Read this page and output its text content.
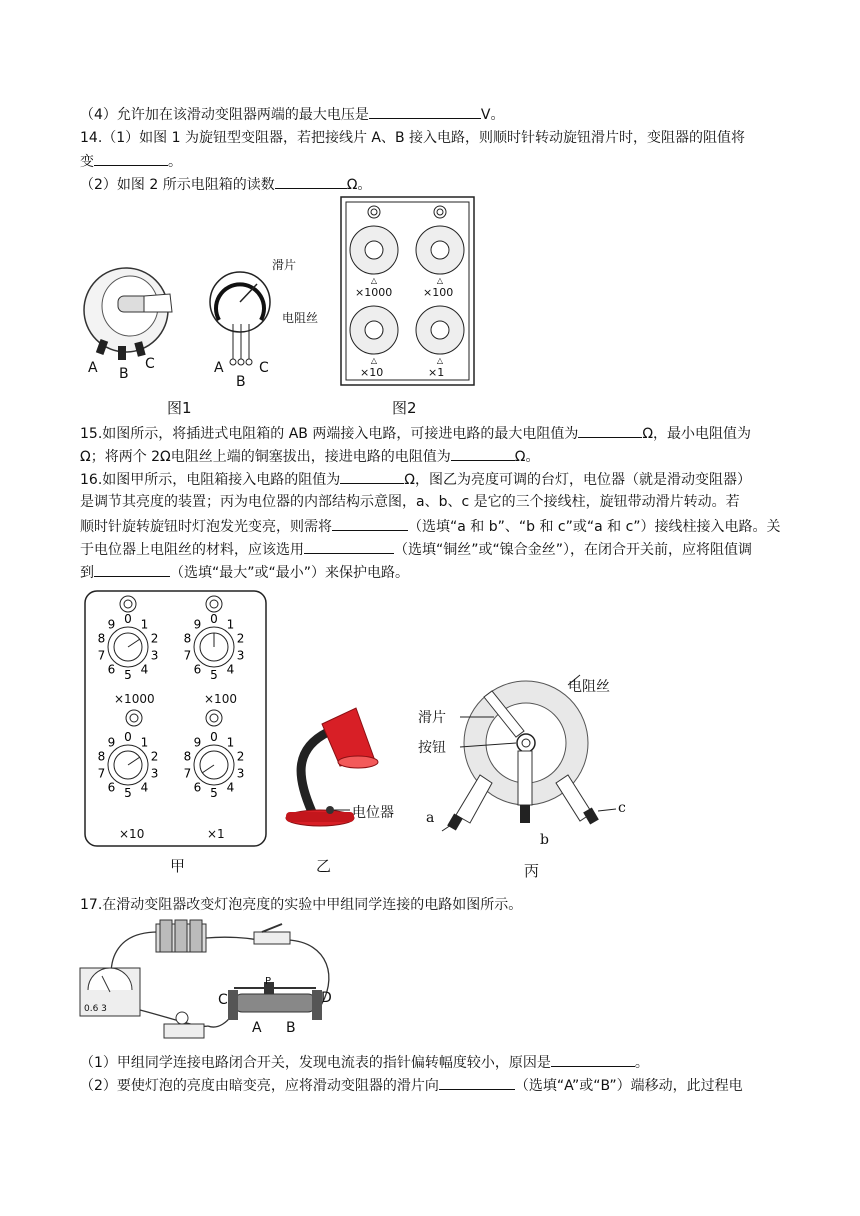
（4）允许加在该滑动变阻器两端的最大电压是	V。
14.（1）如图 1 为旋钮型变阻器，若把接线片 A、B 接入电路，则顺时针转动旋钮滑片时，变阻器的阻值将
变	。
（2）如图 2 所示电阻箱的读数	Ω。
A B
C
滑片
电阻丝
A
B
C
图1
△	△
△	△
×1000	×100
×10	×1
图2
15.如图所示，将插进式电阻箱的 AB 两端接入电路，可接进电路的最大电阻值为	Ω，最小电阻值为
Ω；将两个 2Ω电阻丝上端的铜塞拔出，接进电路的电阻值为	Ω。
16.如图甲所示，电阻箱接入电路的阻值为	Ω，图乙为亮度可调的台灯，电位器（就是滑动变阻器）
是调节其亮度的装置；丙为电位器的内部结构示意图，a、b、c 是它的三个接线柱，旋钮带动滑片转动。若
顺时针旋转旋钮时灯泡发光变亮，则需将	（选填“a 和 b”、“b 和 c”或“a 和 c”）接线柱接入电路。关
于电位器上电阻丝的材料，应该选用	（选填“铜丝”或“镍合金丝”），在闭合开关前，应将阻值调
到	（选填“最大”或“最小”）来保护电路。
0 1
2
3
4
5
6
7
8
9	0 1
2
3
4
5
6
7
8
9
0 1
2
3
4
5
6
7
8
9	0 1
2
3
4
5
6
7
8
9
×1000	×100
×10	×1
甲
电位器
乙
电阻丝
滑片
按钮
a
b
c
丙
17.在滑动变阻器改变灯泡亮度的实验中甲组同学连接的电路如图所示。
C	D
A B
P
0.6 3
（1）甲组同学连接电路闭合开关，发现电流表的指针偏转幅度较小，原因是	。
（2）要使灯泡的亮度由暗变亮，应将滑动变阻器的滑片向	（选填“A”或“B”）端移动，此过程电
